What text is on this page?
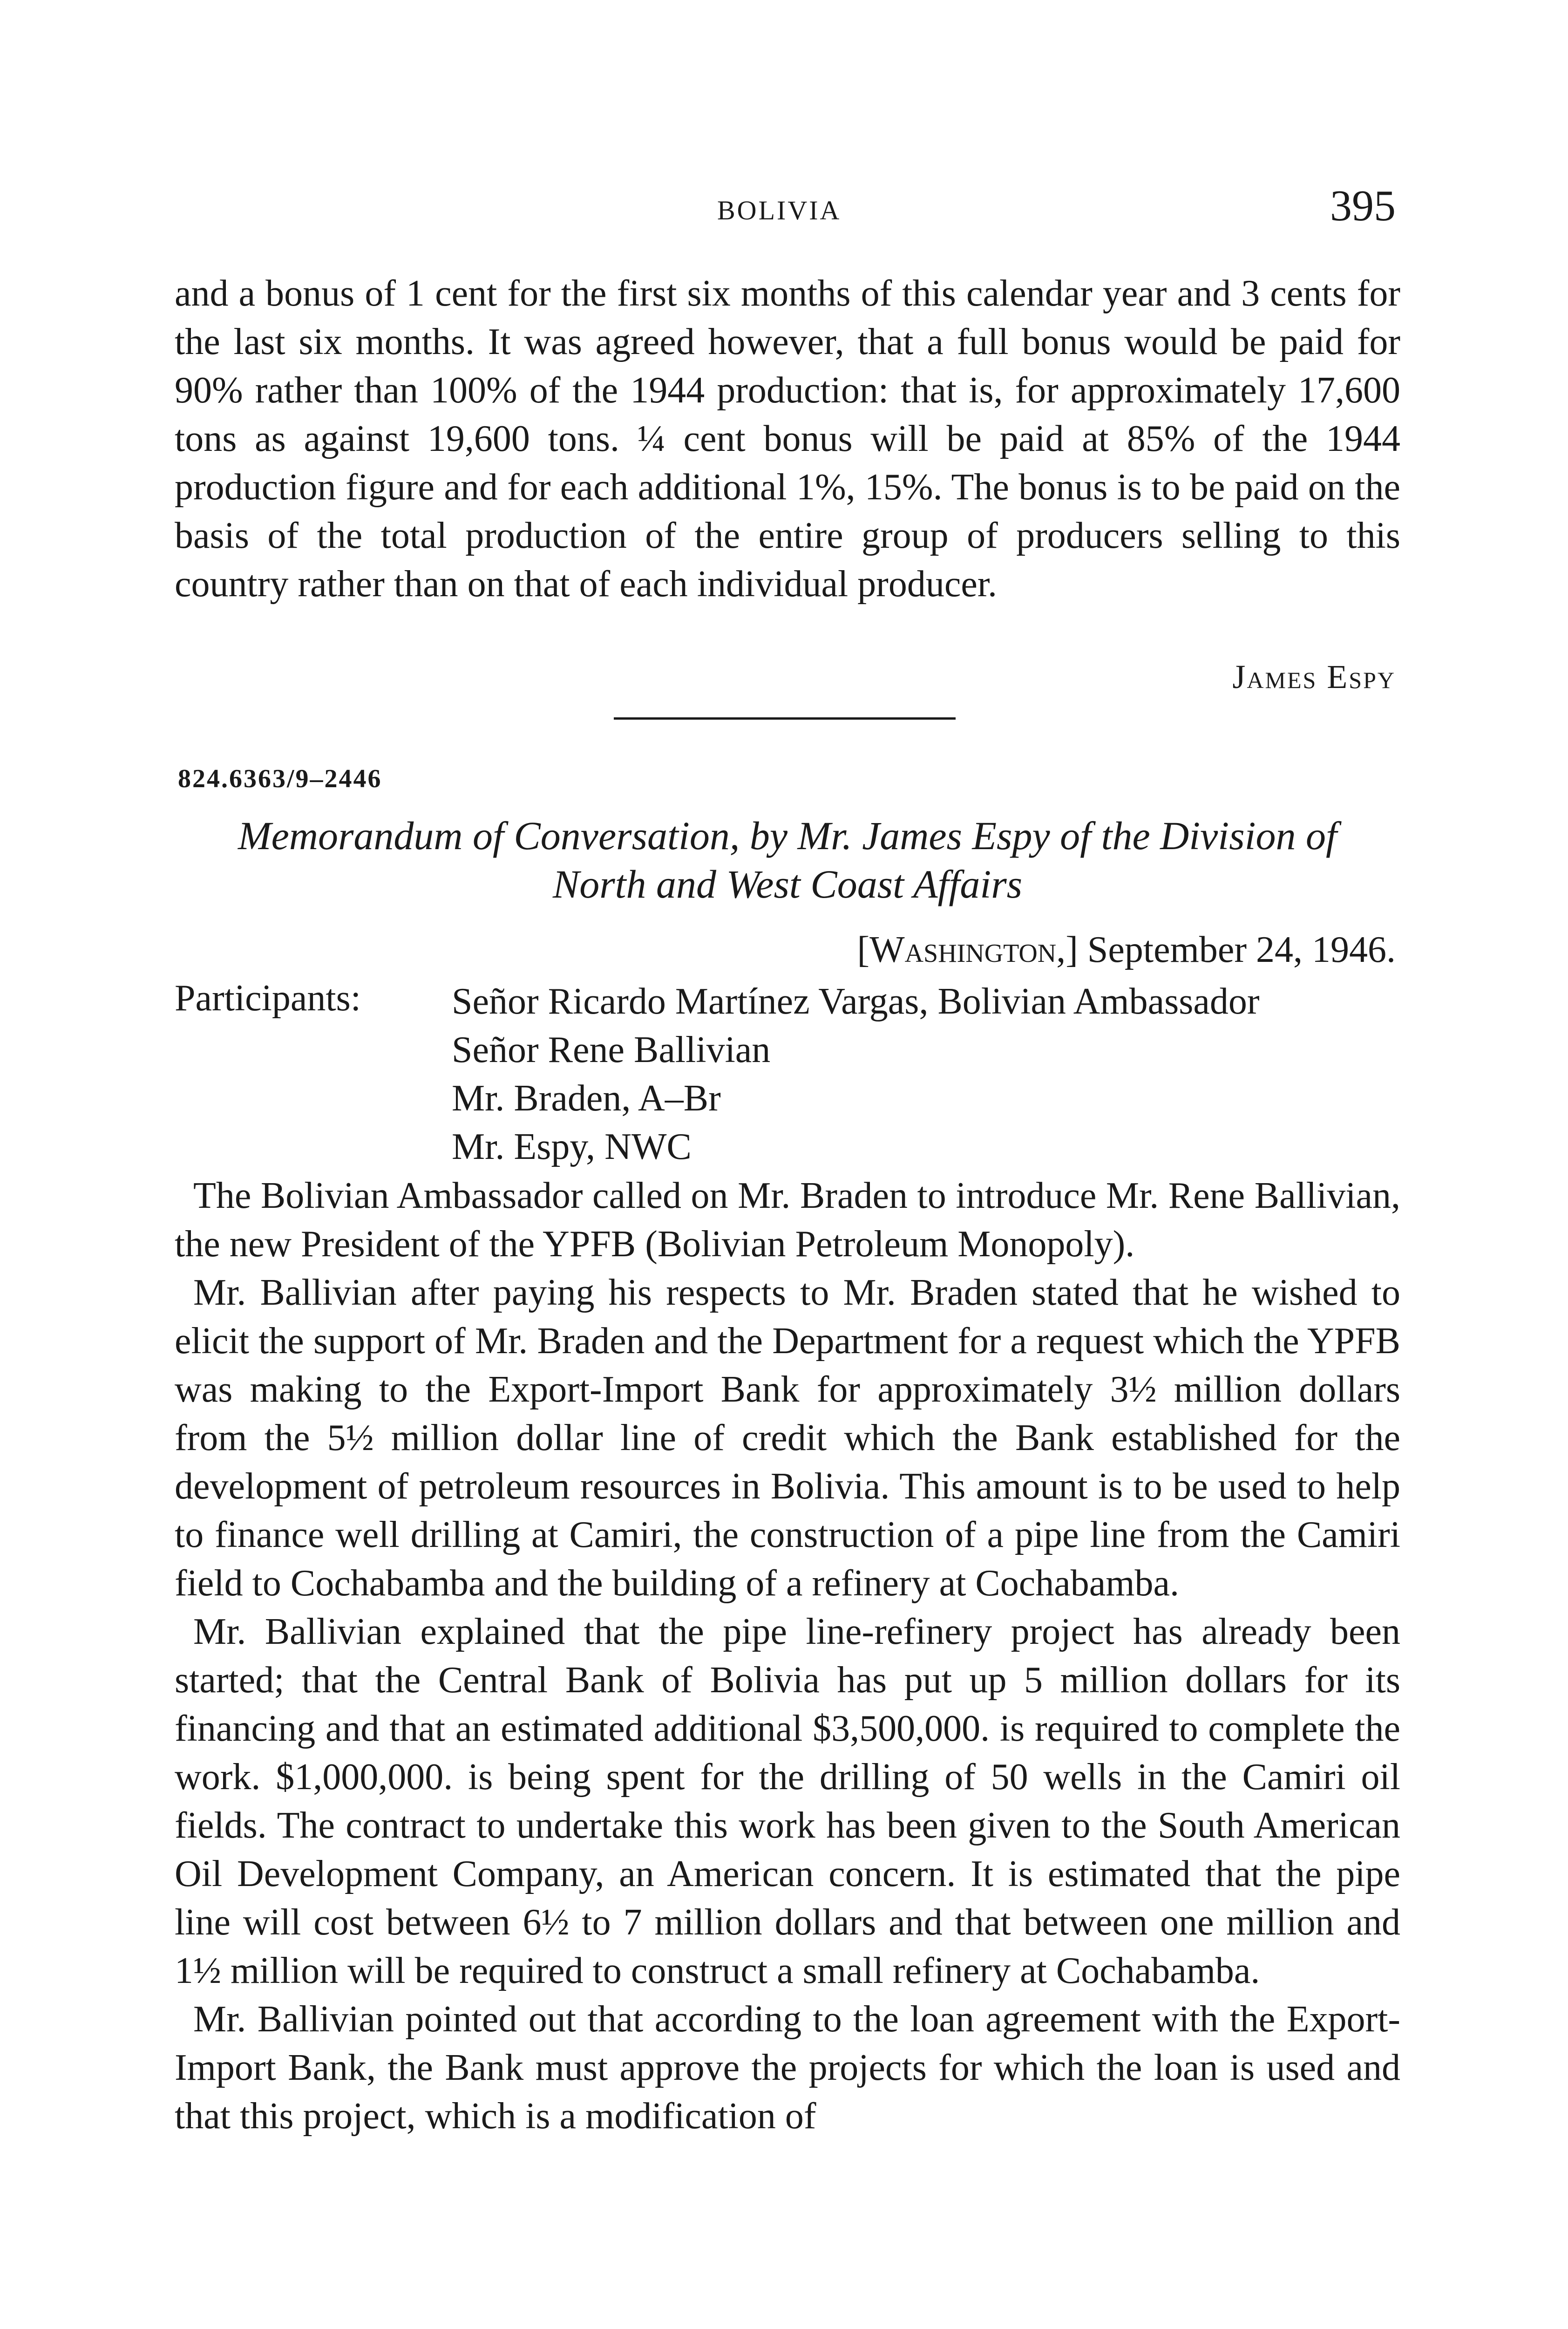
BOLIVIA	395

and a bonus of 1 cent for the first six months of this calendar year and 3 cents for the last six months. It was agreed however, that a full bonus would be paid for 90% rather than 100% of the 1944 production: that is, for approximately 17,600 tons as against 19,600 tons. ¼ cent bonus will be paid at 85% of the 1944 production figure and for each additional 1%, 15%. The bonus is to be paid on the basis of the total production of the entire group of producers selling to this country rather than on that of each individual producer.

James Espy
824.6363/9–2446
Memorandum of Conversation, by Mr. James Espy of the Division of
North and West Coast Affairs
[Washington,] September 24, 1946.
Participants: Señor Ricardo Martínez Vargas, Bolivian Ambassador
Señor Rene Ballivian
Mr. Braden, A–Br
Mr. Espy, NWC

The Bolivian Ambassador called on Mr. Braden to introduce Mr. Rene Ballivian, the new President of the YPFB (Bolivian Petroleum Monopoly).

Mr. Ballivian after paying his respects to Mr. Braden stated that he wished to elicit the support of Mr. Braden and the Department for a request which the YPFB was making to the Export-Import Bank for approximately 3½ million dollars from the 5½ million dollar line of credit which the Bank established for the development of petroleum resources in Bolivia. This amount is to be used to help to finance well drilling at Camiri, the construction of a pipe line from the Camiri field to Cochabamba and the building of a refinery at Cochabamba.

Mr. Ballivian explained that the pipe line-refinery project has already been started; that the Central Bank of Bolivia has put up 5 million dollars for its financing and that an estimated additional $3,500,000. is required to complete the work. $1,000,000. is being spent for the drilling of 50 wells in the Camiri oil fields. The contract to undertake this work has been given to the South American Oil Development Company, an American concern. It is estimated that the pipe line will cost between 6½ to 7 million dollars and that between one million and 1½ million will be required to construct a small refinery at Cochabamba.

Mr. Ballivian pointed out that according to the loan agreement with the Export-Import Bank, the Bank must approve the projects for which the loan is used and that this project, which is a modification of
